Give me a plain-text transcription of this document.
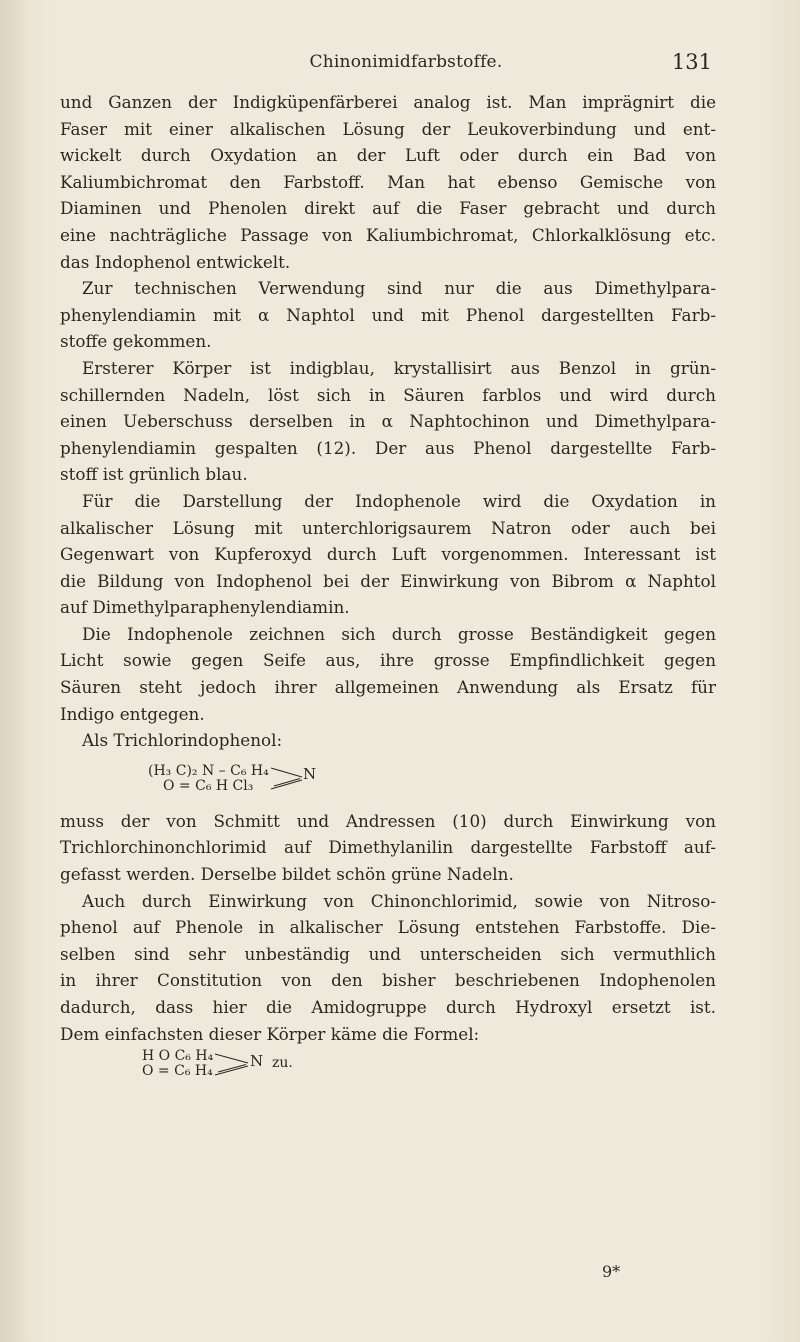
Chinonimidfarbstoffe.	131
und Ganzen der Indigküpenfärberei analog ist. Man imprägnirt die
Faser mit einer alkalischen Lösung der Leukoverbindung und ent-
wickelt durch Oxydation an der Luft oder durch ein Bad von
Kaliumbichromat den Farbstoff. Man hat ebenso Gemische von
Diaminen und Phenolen direkt auf die Faser gebracht und durch
eine nachträgliche Passage von Kaliumbichromat, Chlorkalklösung etc.
das Indophenol entwickelt.
Zur technischen Verwendung sind nur die aus Dimethylpara-
phenylendiamin mit α Naphtol und mit Phenol dargestellten Farb-
stoffe gekommen.
Ersterer Körper ist indigblau, krystallisirt aus Benzol in grün-
schillernden Nadeln, löst sich in Säuren farblos und wird durch
einen Ueberschuss derselben in α Naphtochinon und Dimethylpara-
phenylendiamin gespalten (12). Der aus Phenol dargestellte Farb-
stoff ist grünlich blau.
Für die Darstellung der Indophenole wird die Oxydation in
alkalischer Lösung mit unterchlorigsaurem Natron oder auch bei
Gegenwart von Kupferoxyd durch Luft vorgenommen. Interessant ist
die Bildung von Indophenol bei der Einwirkung von Bibrom α Naphtol
auf Dimethylparaphenylendiamin.
Die Indophenole zeichnen sich durch grosse Beständigkeit gegen
Licht sowie gegen Seife aus, ihre grosse Empfindlichkeit gegen
Säuren steht jedoch ihrer allgemeinen Anwendung als Ersatz für
Indigo entgegen.
Als Trichlorindophenol:
(H₃ C)₂ N – C₆ H₄
O = C₆ H Cl₃
N
muss der von Schmitt und Andressen (10) durch Einwirkung von
Trichlorchinonchlorimid auf Dimethylanilin dargestellte Farbstoff auf-
gefasst werden. Derselbe bildet schön grüne Nadeln.
Auch durch Einwirkung von Chinonchlorimid, sowie von Nitroso-
phenol auf Phenole in alkalischer Lösung entstehen Farbstoffe. Die-
selben sind sehr unbeständig und unterscheiden sich vermuthlich
in ihrer Constitution von den bisher beschriebenen Indophenolen
dadurch, dass hier die Amidogruppe durch Hydroxyl ersetzt ist.
Dem einfachsten dieser Körper käme die Formel:
H O C₆ H₄
O = C₆ H₄
N zu.
9*
